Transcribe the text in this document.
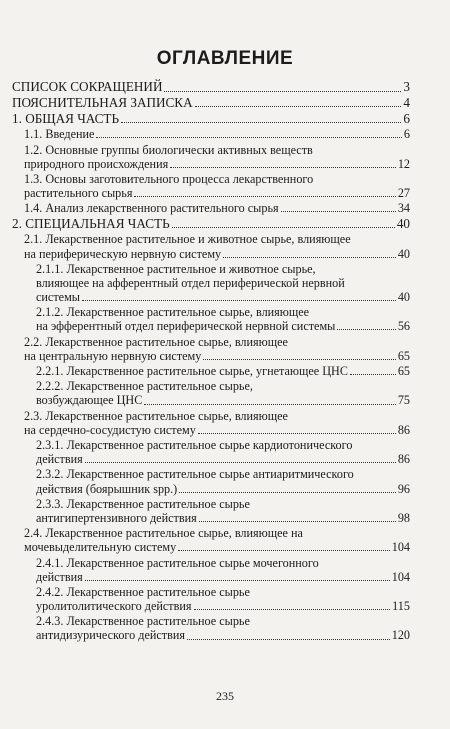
ОГЛАВЛЕНИЕ
СПИСОК СОКРАЩЕНИЙ	3
ПОЯСНИТЕЛЬНАЯ ЗАПИСКА	4
1. ОБЩАЯ ЧАСТЬ	6
1.1. Введение	6
1.2. Основные группы биологически активных веществ
природного происхождения	12
1.3. Основы заготовительного процесса лекарственного
растительного сырья	27
1.4. Анализ лекарственного растительного сырья	34
2. СПЕЦИАЛЬНАЯ ЧАСТЬ	40
2.1. Лекарственное растительное и животное сырье, влияющее
на периферическую нервную систему	40
2.1.1. Лекарственное растительное и животное сырье,
влияющее на афферентный отдел периферической нервной
системы	40
2.1.2. Лекарственное растительное сырье, влияющее
на эфферентный отдел периферической нервной системы	56
2.2. Лекарственное растительное сырье, влияющее
на центральную нервную систему	65
2.2.1. Лекарственное растительное сырье, угнетающее ЦНС	65
2.2.2. Лекарственное растительное сырье,
возбуждающее ЦНС	75
2.3. Лекарственное растительное сырье, влияющее
на сердечно-сосудистую систему	86
2.3.1. Лекарственное растительное сырье кардиотонического
действия	86
2.3.2. Лекарственное растительное сырье антиаритмического
действия (боярышник spp.)	96
2.3.3. Лекарственное растительное сырье
антигипертензивного действия	98
2.4. Лекарственное растительное сырье, влияющее на
мочевыделительную систему	104
2.4.1. Лекарственное растительное сырье мочегонного
действия	104
2.4.2. Лекарственное растительное сырье
уролитолитического действия	115
2.4.3. Лекарственное растительное сырье
антидизурического действия	120
235
